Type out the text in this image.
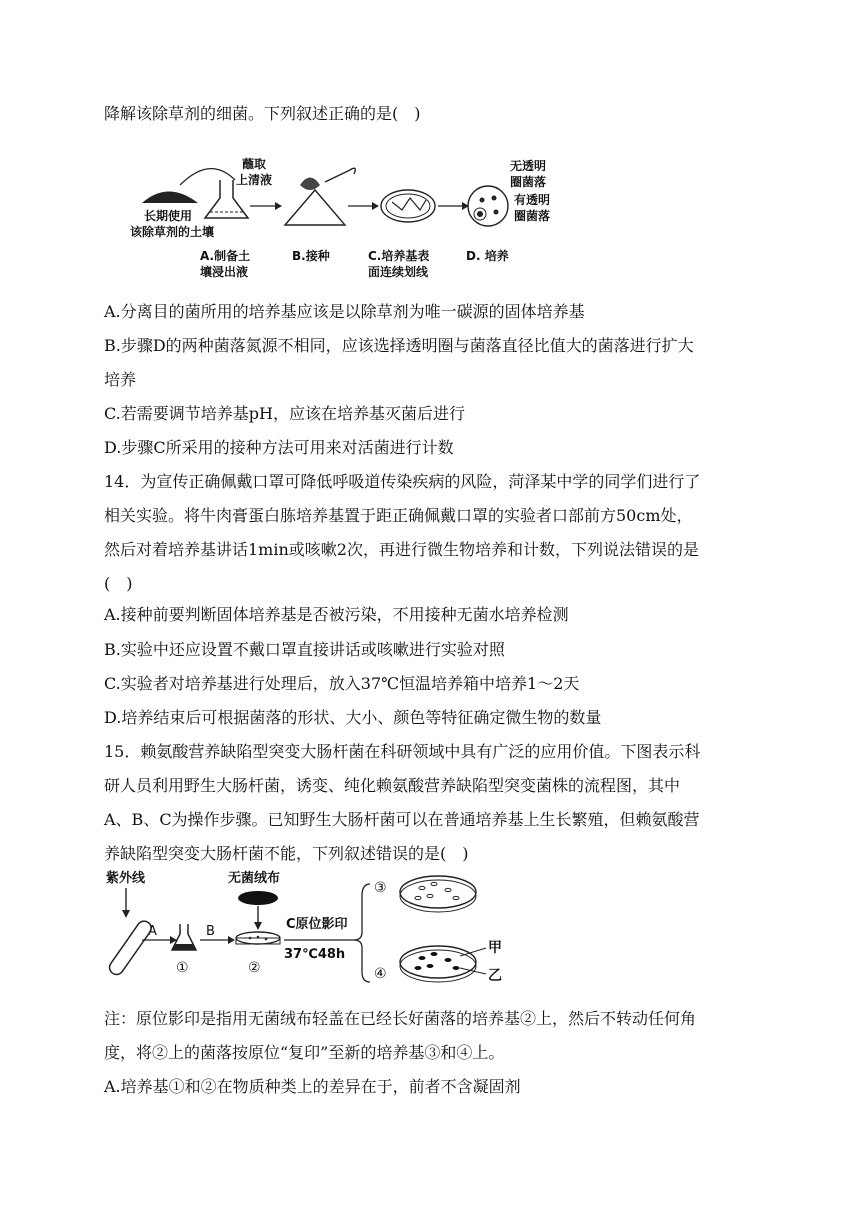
降解该除草剂的细菌。下列叙述正确的是(　)
长期使用
该除草剂的土壤
蘸取
上清液
无透明
圈菌落
有透明
圈菌落
A.制备土
壤浸出液
B.接种	C.培养基表
面连续划线
D. 培养
A.分离目的菌所用的培养基应该是以除草剂为唯一碳源的固体培养基
B.步骤D的两种菌落氮源不相同，应该选择透明圈与菌落直径比值大的菌落进行扩大
培养
C.若需要调节培养基pH，应该在培养基灭菌后进行
D.步骤C所采用的接种方法可用来对活菌进行计数
14．为宣传正确佩戴口罩可降低呼吸道传染疾病的风险，菏泽某中学的同学们进行了
相关实验。将牛肉膏蛋白胨培养基置于距正确佩戴口罩的实验者口部前方50cm处，
然后对着培养基讲话1min或咳嗽2次，再进行微生物培养和计数，下列说法错误的是
(　)
A.接种前要判断固体培养基是否被污染，不用接种无菌水培养检测
B.实验中还应设置不戴口罩直接讲话或咳嗽进行实验对照
C.实验者对培养基进行处理后，放入37℃恒温培养箱中培养1～2天
D.培养结束后可根据菌落的形状、大小、颜色等特征确定微生物的数量
15．赖氨酸营养缺陷型突变大肠杆菌在科研领域中具有广泛的应用价值。下图表示科
研人员利用野生大肠杆菌，诱变、纯化赖氨酸营养缺陷型突变菌株的流程图，其中
A、B、C为操作步骤。已知野生大肠杆菌可以在普通培养基上生长繁殖，但赖氨酸营
养缺陷型突变大肠杆菌不能，下列叙述错误的是(　)
紫外线
A
①
B
无菌绒布
②
C原位影印
37℃48h
③
④
甲
乙
注：原位影印是指用无菌绒布轻盖在已经长好菌落的培养基②上，然后不转动任何角
度，将②上的菌落按原位“复印”至新的培养基③和④上。
A.培养基①和②在物质种类上的差异在于，前者不含凝固剂
